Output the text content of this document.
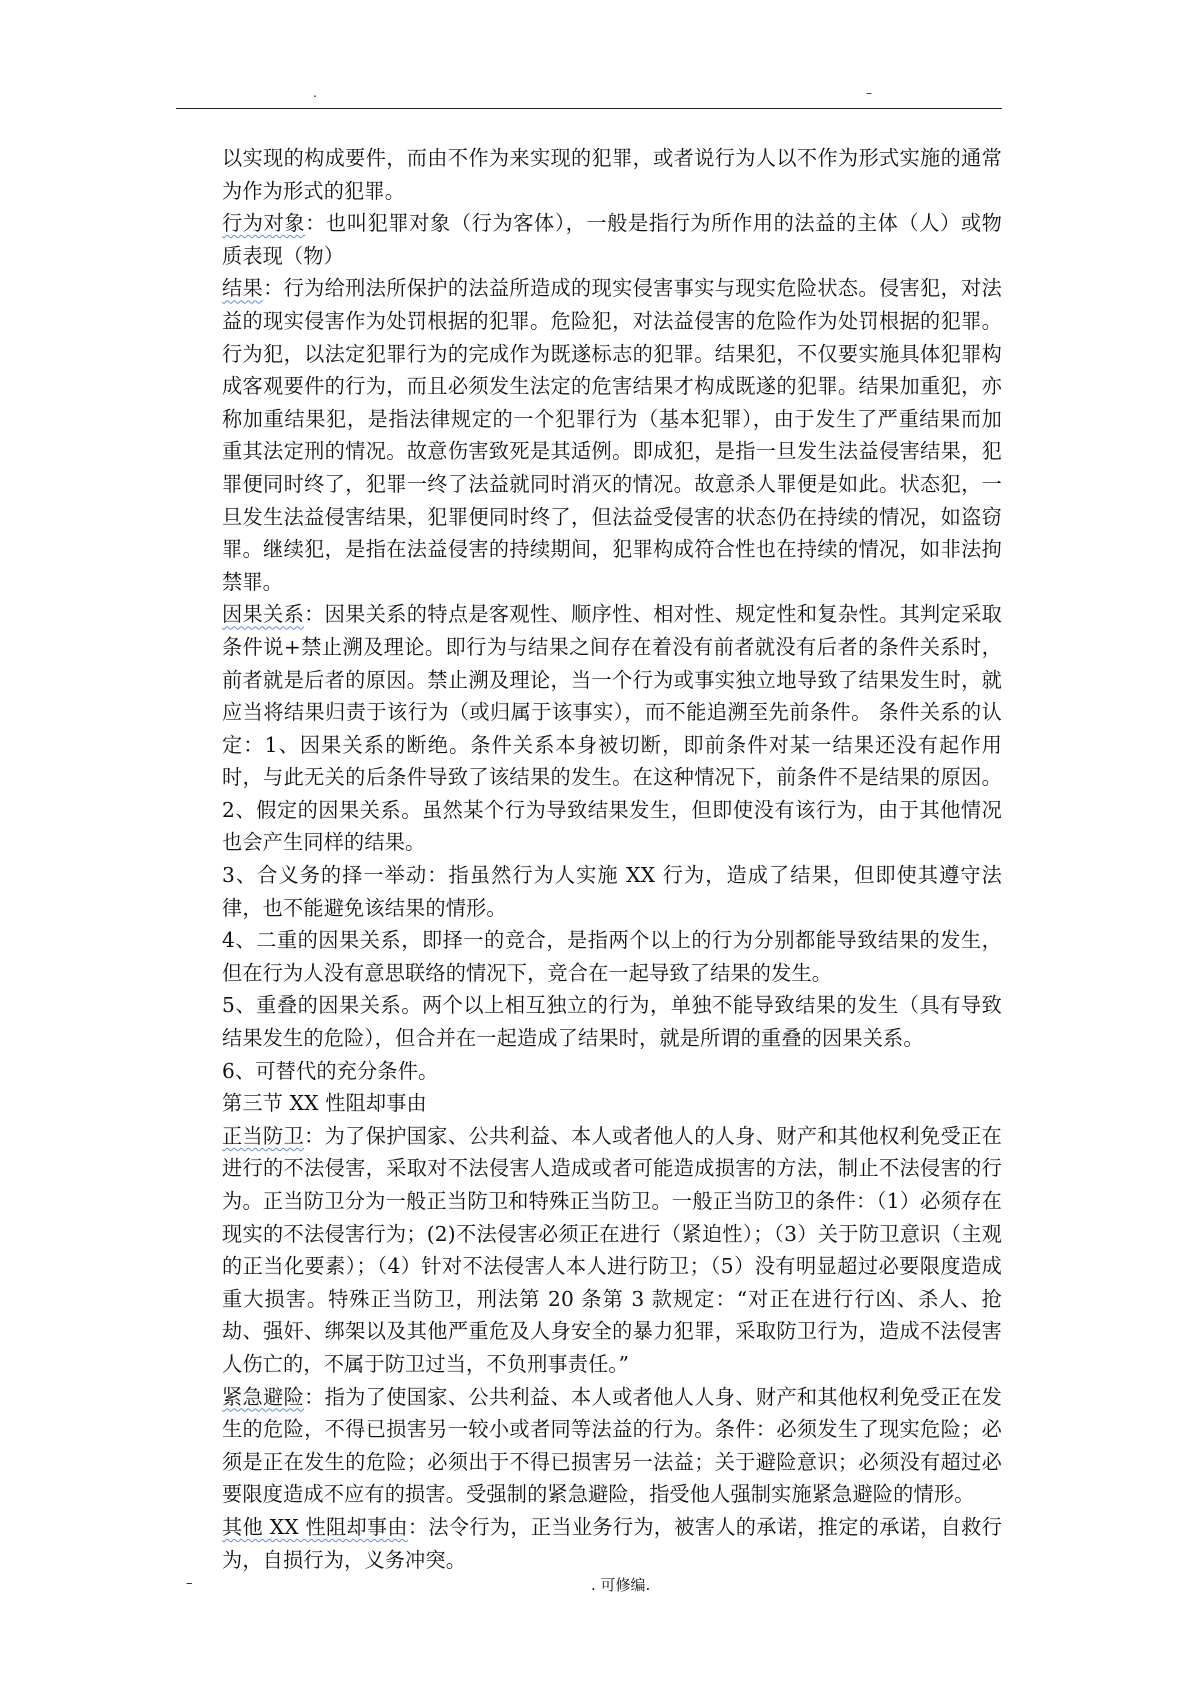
.	–

以实现的构成要件，而由不作为来实现的犯罪，或者说行为人以不作为形式实施的通常为作为形式的犯罪。

行为对象：也叫犯罪对象（行为客体），一般是指行为所作用的法益的主体（人）或物质表现（物）

结果：行为给刑法所保护的法益所造成的现实侵害事实与现实危险状态。侵害犯，对法益的现实侵害作为处罚根据的犯罪。危险犯，对法益侵害的危险作为处罚根据的犯罪。行为犯，以法定犯罪行为的完成作为既遂标志的犯罪。结果犯，不仅要实施具体犯罪构成客观要件的行为，而且必须发生法定的危害结果才构成既遂的犯罪。结果加重犯，亦称加重结果犯，是指法律规定的一个犯罪行为（基本犯罪），由于发生了严重结果而加重其法定刑的情况。故意伤害致死是其适例。即成犯，是指一旦发生法益侵害结果，犯罪便同时终了，犯罪一终了法益就同时消灭的情况。故意杀人罪便是如此。状态犯，一旦发生法益侵害结果，犯罪便同时终了，但法益受侵害的状态仍在持续的情况，如盗窃罪。继续犯，是指在法益侵害的持续期间，犯罪构成符合性也在持续的情况，如非法拘禁罪。

因果关系：因果关系的特点是客观性、顺序性、相对性、规定性和复杂性。其判定采取条件说+禁止溯及理论。即行为与结果之间存在着没有前者就没有后者的条件关系时，前者就是后者的原因。禁止溯及理论，当一个行为或事实独立地导致了结果发生时，就应当将结果归责于该行为（或归属于该事实），而不能追溯至先前条件。 条件关系的认定：1、因果关系的断绝。条件关系本身被切断，即前条件对某一结果还没有起作用时，与此无关的后条件导致了该结果的发生。在这种情况下，前条件不是结果的原因。2、假定的因果关系。虽然某个行为导致结果发生，但即使没有该行为，由于其他情况也会产生同样的结果。

3、合义务的择一举动：指虽然行为人实施 XX 行为，造成了结果，但即使其遵守法律，也不能避免该结果的情形。

4、二重的因果关系，即择一的竞合，是指两个以上的行为分别都能导致结果的发生，但在行为人没有意思联络的情况下，竞合在一起导致了结果的发生。

5、重叠的因果关系。两个以上相互独立的行为，单独不能导致结果的发生（具有导致结果发生的危险），但合并在一起造成了结果时，就是所谓的重叠的因果关系。

6、可替代的充分条件。

第三节 XX 性阻却事由

正当防卫：为了保护国家、公共利益、本人或者他人的人身、财产和其他权利免受正在进行的不法侵害，采取对不法侵害人造成或者可能造成损害的方法，制止不法侵害的行为。正当防卫分为一般正当防卫和特殊正当防卫。一般正当防卫的条件：（1）必须存在现实的不法侵害行为；(2)不法侵害必须正在进行（紧迫性）；（3）关于防卫意识（主观的正当化要素）；（4）针对不法侵害人本人进行防卫；（5）没有明显超过必要限度造成重大损害。特殊正当防卫，刑法第 20 条第 3 款规定：“对正在进行行凶、杀人、抢劫、强奸、绑架以及其他严重危及人身安全的暴力犯罪，采取防卫行为，造成不法侵害人伤亡的，不属于防卫过当，不负刑事责任。”

紧急避险：指为了使国家、公共利益、本人或者他人人身、财产和其他权利免受正在发生的危险，不得已损害另一较小或者同等法益的行为。条件：必须发生了现实危险；必须是正在发生的危险；必须出于不得已损害另一法益；关于避险意识；必须没有超过必要限度造成不应有的损害。受强制的紧急避险，指受他人强制实施紧急避险的情形。

其他 XX 性阻却事由：法令行为，正当业务行为，被害人的承诺，推定的承诺，自救行为，自损行为，义务冲突。

–	. 可修编.
